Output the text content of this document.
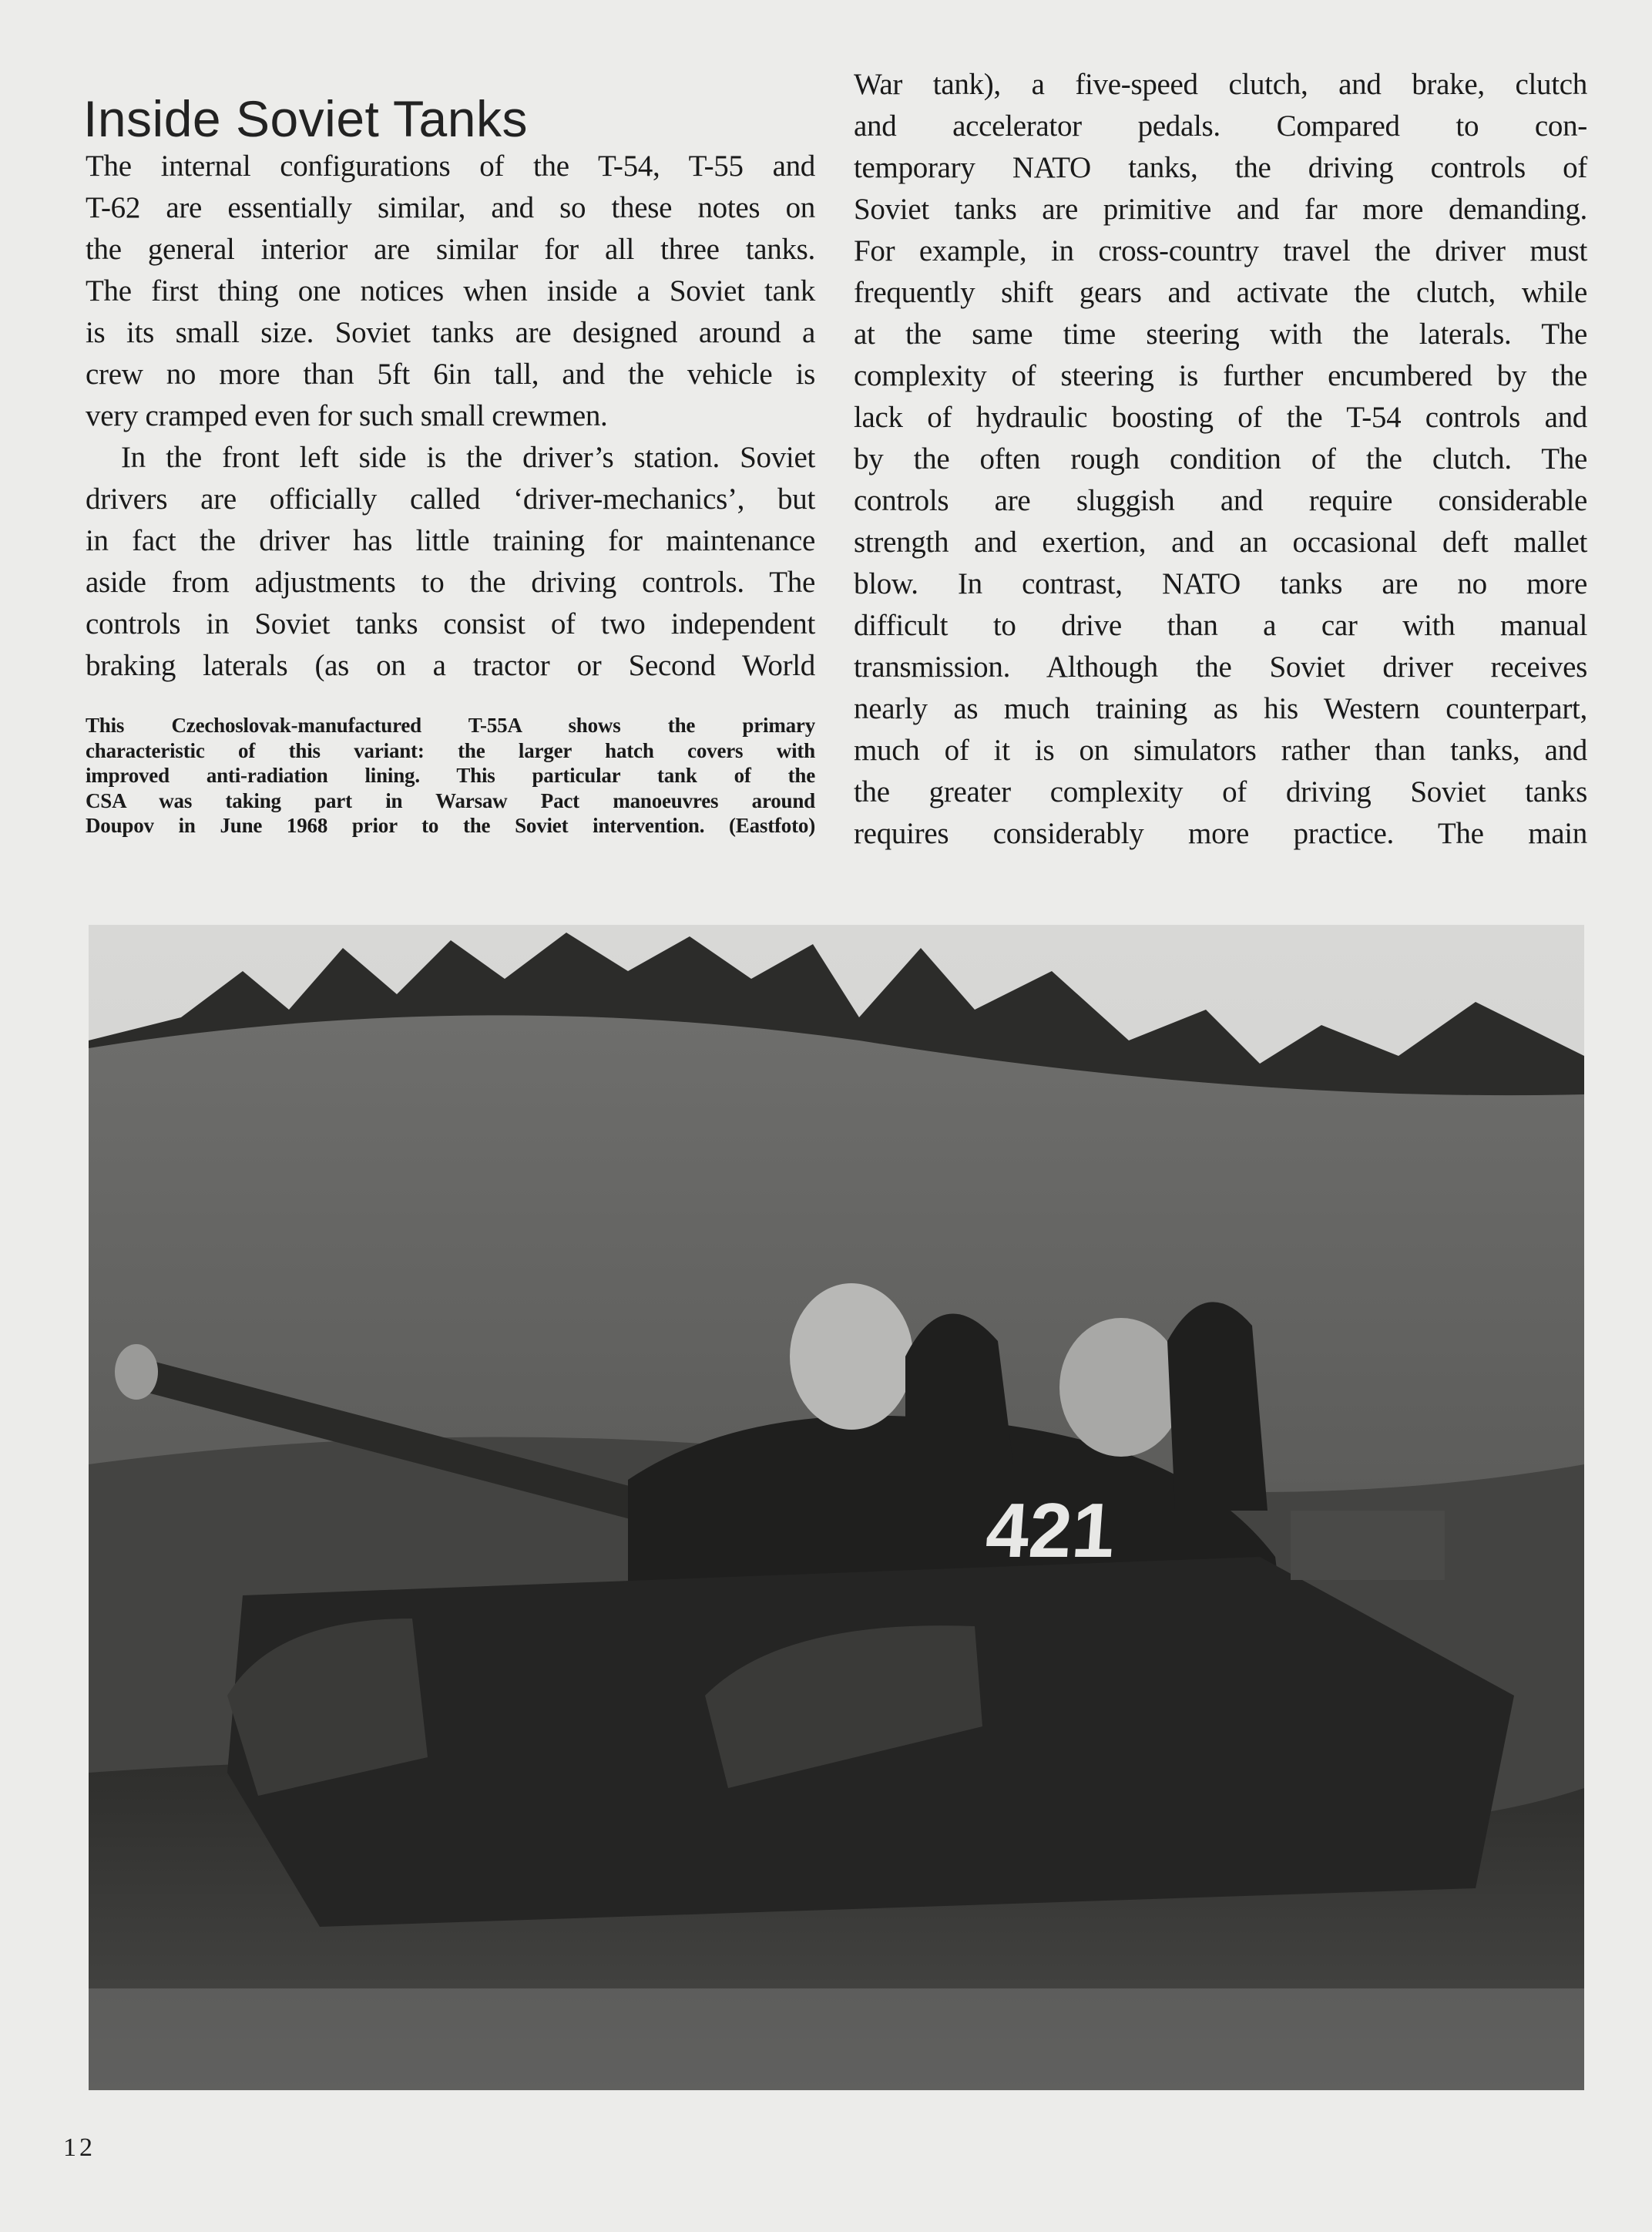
Inside Soviet Tanks
The internal configurations of the T-54, T-55 and
T-62 are essentially similar, and so these notes on
the general interior are similar for all three tanks.
The first thing one notices when inside a Soviet tank
is its small size. Soviet tanks are designed around a
crew no more than 5ft 6in tall, and the vehicle is
very cramped even for such small crewmen.
In the front left side is the driver’s station. Soviet
drivers are officially called ‘driver-mechanics’, but
in fact the driver has little training for maintenance
aside from adjustments to the driving controls. The
controls in Soviet tanks consist of two independent
braking laterals (as on a tractor or Second World
This Czechoslovak-manufactured T-55A shows the primary
characteristic of this variant: the larger hatch covers with
improved anti-radiation lining. This particular tank of the
CSA was taking part in Warsaw Pact manoeuvres around
Doupov in June 1968 prior to the Soviet intervention. (Eastfoto)
War tank), a five-speed clutch, and brake, clutch
and accelerator pedals. Compared to con-
temporary NATO tanks, the driving controls of
Soviet tanks are primitive and far more demanding.
For example, in cross-country travel the driver must
frequently shift gears and activate the clutch, while
at the same time steering with the laterals. The
complexity of steering is further encumbered by the
lack of hydraulic boosting of the T-54 controls and
by the often rough condition of the clutch. The
controls are sluggish and require considerable
strength and exertion, and an occasional deft mallet
blow. In contrast, NATO tanks are no more
difficult to drive than a car with manual
transmission. Although the Soviet driver receives
nearly as much training as his Western counterpart,
much of it is on simulators rather than tanks, and
the greater complexity of driving Soviet tanks
requires considerably more practice. The main
421
12
